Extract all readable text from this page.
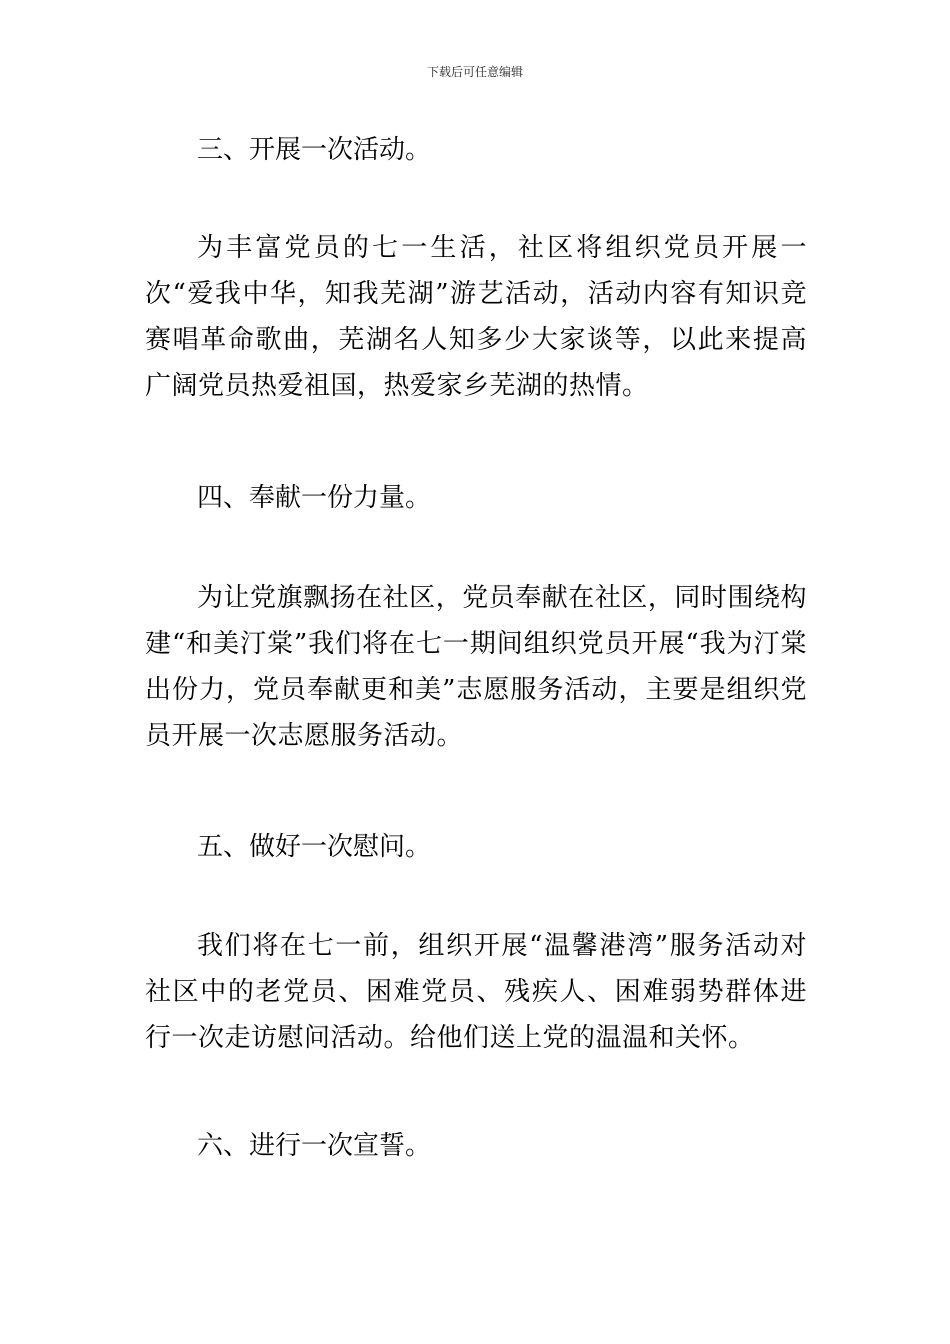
下载后可任意编辑

三、开展一次活动。

为丰富党员的七一生活，社区将组织党员开展一次“爱我中华，知我芜湖”游艺活动，活动内容有知识竞赛唱革命歌曲，芜湖名人知多少大家谈等，以此来提高广阔党员热爱祖国，热爱家乡芜湖的热情。

四、奉献一份力量。

为让党旗飘扬在社区，党员奉献在社区，同时围绕构建“和美汀棠”我们将在七一期间组织党员开展“我为汀棠出份力，党员奉献更和美”志愿服务活动，主要是组织党员开展一次志愿服务活动。

五、做好一次慰问。

我们将在七一前，组织开展“温馨港湾”服务活动对社区中的老党员、困难党员、残疾人、困难弱势群体进行一次走访慰问活动。给他们送上党的温温和关怀。

六、进行一次宣誓。
